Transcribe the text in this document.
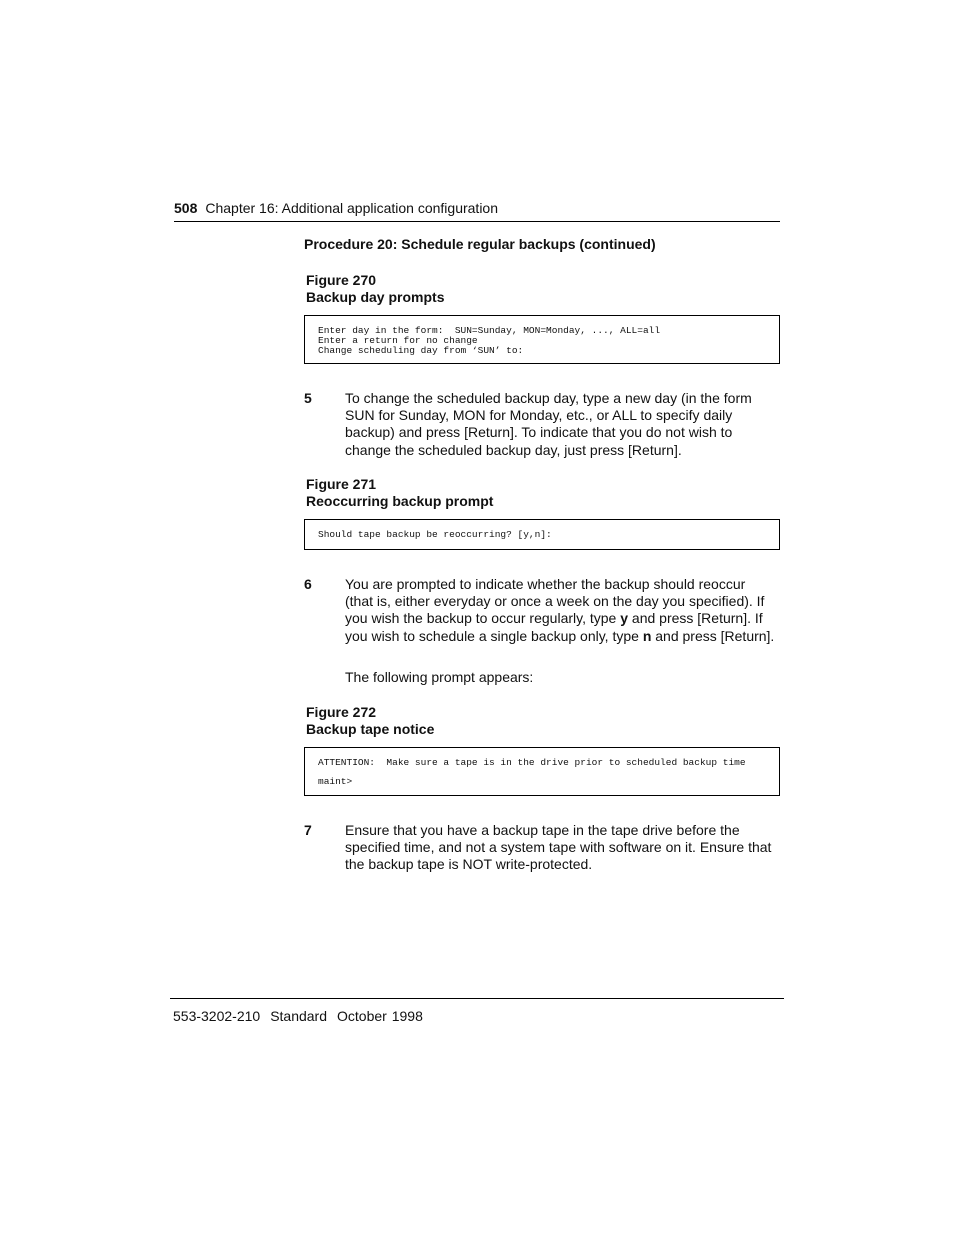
508 Chapter 16: Additional application configuration
Procedure 20: Schedule regular backups (continued)
Figure 270
Backup day prompts
Enter day in the form:  SUN=Sunday, MON=Monday, ..., ALL=all
Enter a return for no change
Change scheduling day from ‘SUN’ to:
5 To change the scheduled backup day, type a new day (in the form SUN for Sunday, MON for Monday, etc., or ALL to specify daily backup) and press [Return]. To indicate that you do not wish to change the scheduled backup day, just press [Return].
Figure 271
Reoccurring backup prompt
Should tape backup be reoccurring? [y,n]:
6 You are prompted to indicate whether the backup should reoccur (that is, either everyday or once a week on the day you specified). If you wish the backup to occur regularly, type y and press [Return]. If you wish to schedule a single backup only, type n and press [Return].
The following prompt appears:
Figure 272
Backup tape notice
ATTENTION:  Make sure a tape is in the drive prior to scheduled backup time
maint>
7 Ensure that you have a backup tape in the tape drive before the specified time, and not a system tape with software on it. Ensure that the backup tape is NOT write-protected.
553-3202-210 Standard October 1998
